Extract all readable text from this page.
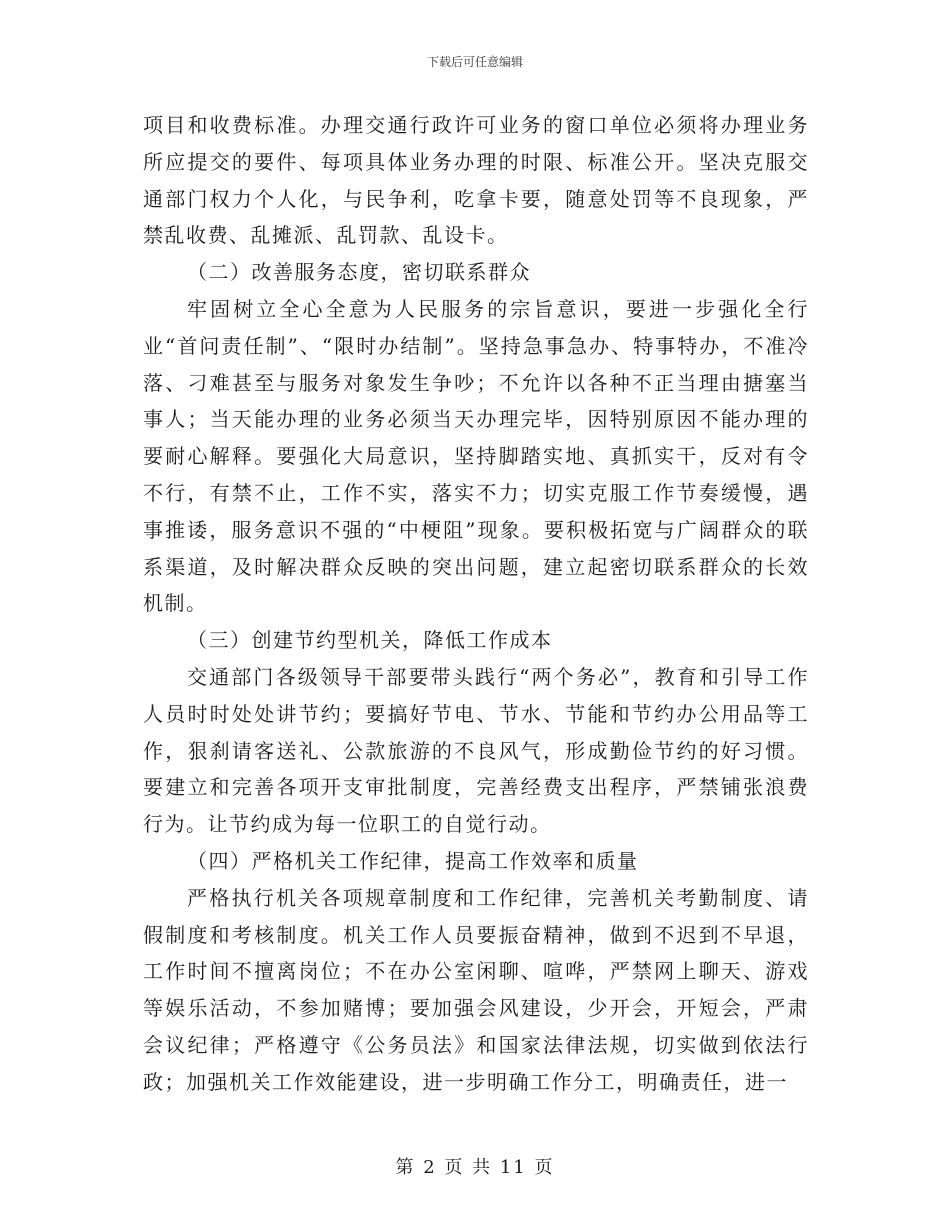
下载后可任意编辑

项目和收费标准。办理交通行政许可业务的窗口单位必须将办理业务所应提交的要件、每项具体业务办理的时限、标准公开。坚决克服交通部门权力个人化，与民争利，吃拿卡要，随意处罚等不良现象，严禁乱收费、乱摊派、乱罚款、乱设卡。

（二）改善服务态度，密切联系群众

牢固树立全心全意为人民服务的宗旨意识，要进一步强化全行业“首问责任制”、“限时办结制”。坚持急事急办、特事特办，不准冷落、刁难甚至与服务对象发生争吵；不允许以各种不正当理由搪塞当事人；当天能办理的业务必须当天办理完毕，因特别原因不能办理的要耐心解释。要强化大局意识，坚持脚踏实地、真抓实干，反对有令不行，有禁不止，工作不实，落实不力；切实克服工作节奏缓慢，遇事推诿，服务意识不强的“中梗阻”现象。要积极拓宽与广阔群众的联系渠道，及时解决群众反映的突出问题，建立起密切联系群众的长效机制。

（三）创建节约型机关，降低工作成本

交通部门各级领导干部要带头践行“两个务必”，教育和引导工作人员时时处处讲节约；要搞好节电、节水、节能和节约办公用品等工作，狠刹请客送礼、公款旅游的不良风气，形成勤俭节约的好习惯。要建立和完善各项开支审批制度，完善经费支出程序，严禁铺张浪费行为。让节约成为每一位职工的自觉行动。

（四）严格机关工作纪律，提高工作效率和质量

严格执行机关各项规章制度和工作纪律，完善机关考勤制度、请假制度和考核制度。机关工作人员要振奋精神，做到不迟到不早退，工作时间不擅离岗位；不在办公室闲聊、喧哗，严禁网上聊天、游戏等娱乐活动，不参加赌博；要加强会风建设，少开会，开短会，严肃会议纪律；严格遵守《公务员法》和国家法律法规，切实做到依法行政；加强机关工作效能建设，进一步明确工作分工，明确责任，进一

第 2 页 共 11 页
